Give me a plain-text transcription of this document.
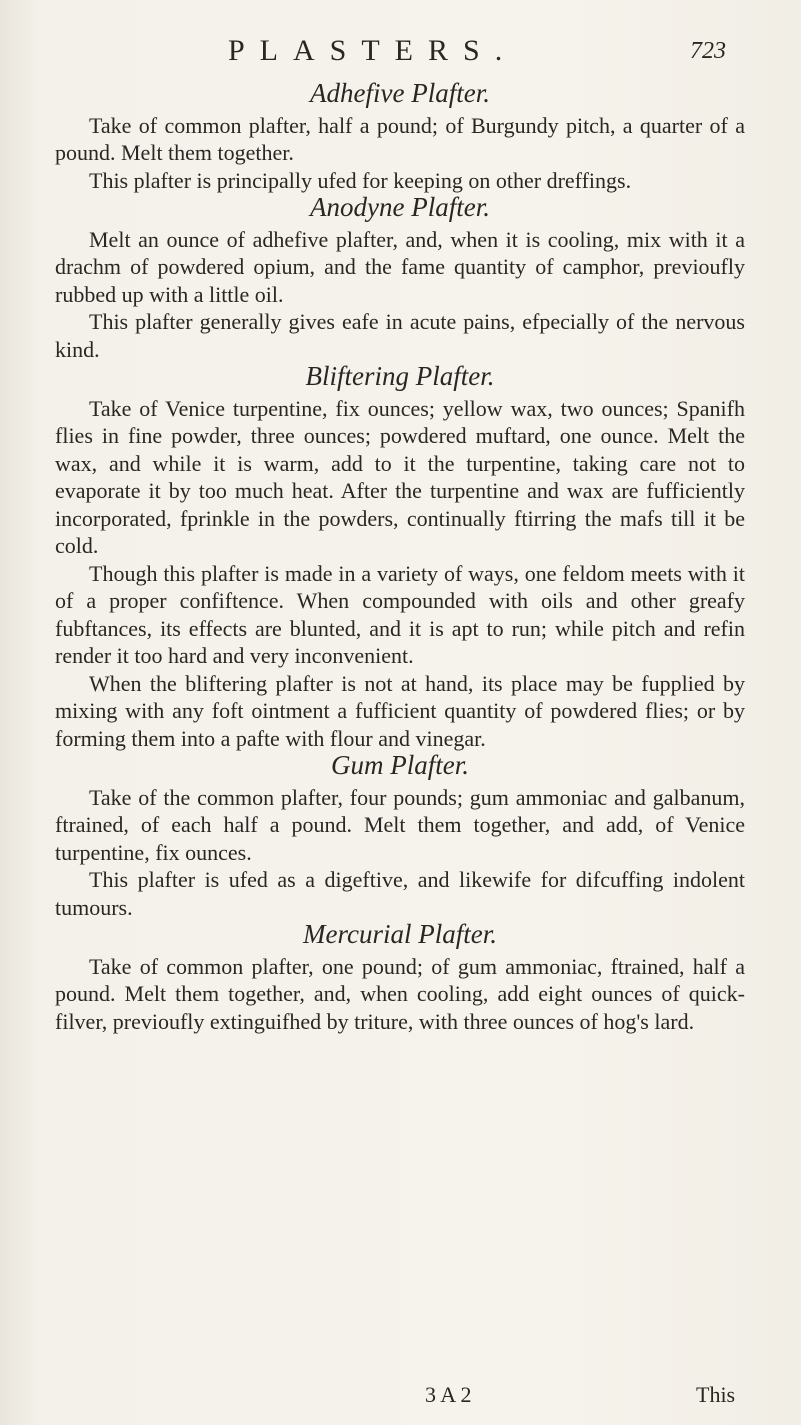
PLASTERS.	723
Adhefive Plafter.

Take of common plafter, half a pound; of Burgundy pitch, a quarter of a pound. Melt them together.

This plafter is principally ufed for keeping on other dreffings.

Anodyne Plafter.

Melt an ounce of adhefive plafter, and, when it is cooling, mix with it a drachm of powdered opium, and the fame quantity of camphor, previoufly rubbed up with a little oil.

This plafter generally gives eafe in acute pains, efpecially of the nervous kind.

Bliftering Plafter.

Take of Venice turpentine, fix ounces; yellow wax, two ounces; Spanifh flies in fine powder, three ounces; powdered muftard, one ounce. Melt the wax, and while it is warm, add to it the turpentine, taking care not to evaporate it by too much heat. After the turpentine and wax are fufficiently incorporated, fprinkle in the powders, continually ftirring the mafs till it be cold.

Though this plafter is made in a variety of ways, one feldom meets with it of a proper confiftence. When compounded with oils and other greafy fubftances, its effects are blunted, and it is apt to run; while pitch and refin render it too hard and very inconvenient.

When the bliftering plafter is not at hand, its place may be fupplied by mixing with any foft ointment a fufficient quantity of powdered flies; or by forming them into a pafte with flour and vinegar.

Gum Plafter.

Take of the common plafter, four pounds; gum ammoniac and galbanum, ftrained, of each half a pound. Melt them together, and add, of Venice turpentine, fix ounces.

This plafter is ufed as a digeftive, and likewife for difcuffing indolent tumours.

Mercurial Plafter.

Take of common plafter, one pound; of gum ammoniac, ftrained, half a pound. Melt them together, and, when cooling, add eight ounces of quick-filver, previoufly extinguifhed by triture, with three ounces of hog's lard.

3 A 2	This
